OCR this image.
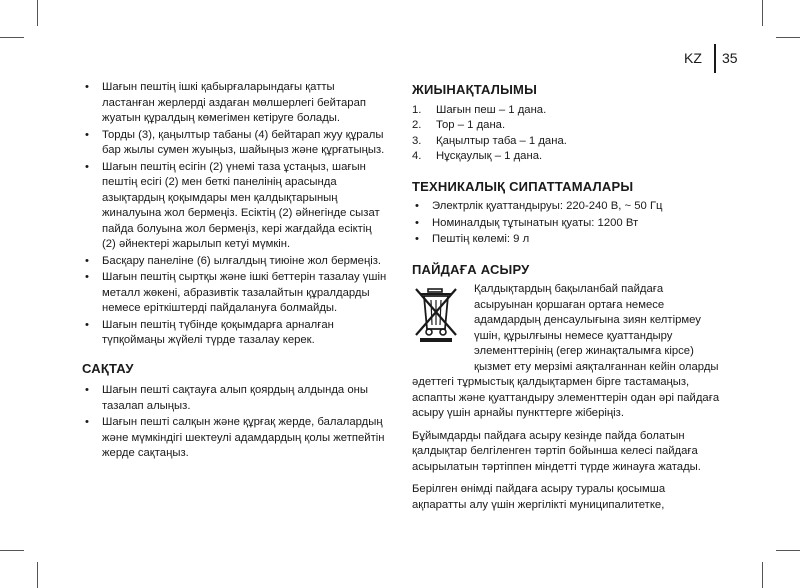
KZ 35
• Шағын пештің ішкі қабырғаларындағы қатты ластанған жерлерді аздаған мөлшерлегі бейтарап жуатын құралдың көмегімен кетіруге болады.
• Торды (3), қаңылтыр табаны (4) бейтарап жуу құралы бар жылы сумен жуыңыз, шайыңыз және құрғатыңыз.
• Шағын пештің есігін (2) үнемі таза ұстаңыз, шағын пештің есігі (2) мен беткі панелінің арасында азықтардың қоқымдары мен қалдықтарының жиналуына жол бермеңіз. Есіктің (2) әйнегінде сызат пайда болуына жол бермеңіз, кері жағдайда есіктің (2) әйнектері жарылып кетуі мүмкін.
• Басқару панеліне (6) ылғалдың тиюіне жол бермеңіз.
• Шағын пештің сыртқы және ішкі беттерін тазалау үшін металл жөкені, абразивтік тазалайтын құралдарды немесе еріткіштерді пайдалануға болмайды.
• Шағын пештің түбінде қоқымдарға арналған түпқоймаңы жүйелі түрде тазалау керек.
САҚТАУ
• Шағын пешті сақтауға алып қоярдың алдында оны тазалап алыңыз.
• Шағын пешті салқын және құрғақ жерде, балалардың және мүмкіндігі шектеулі адамдардың қолы жетпейтін жерде сақтаңыз.
ЖИЫНАҚТАЛЫМЫ
1. Шағын пеш – 1 дана.
2. Тор – 1 дана.
3. Қаңылтыр таба – 1 дана.
4. Нұсқаулық – 1 дана.
ТЕХНИКАЛЫҚ СИПАТТАМАЛАРЫ
• Электрлік қуаттандыруы: 220-240 В, ~ 50 Гц
• Номиналдық тұтынатын қуаты: 1200 Вт
• Пештің көлемі: 9 л
ПАЙДАҒА АСЫРУ
Қалдықтардың бақыланбай пайдаға асыруынан қоршаған ортаға немесе адамдардың денсаулығына зиян келтірмеу үшін, құрылғыны немесе қуаттандыру элементтерінің (егер жинақталымға кірсе) қызмет ету мерзімі аяқталғаннан кейін оларды
әдеттегі тұрмыстық қалдықтармен бірге тастамаңыз, аспапты және қуаттандыру элементтерін одан әрі пайдаға асыру үшін арнайы пункттерге жіберіңіз.

Бұйымдарды пайдаға асыру кезінде пайда болатын қалдықтар белгіленген тәртіп бойынша келесі пайдаға асырылатын тәртіппен міндетті түрде жинауға жатады.

Берілген өнімді пайдаға асыру туралы қосымша ақпаратты алу үшін жергілікті муниципалитетке,
